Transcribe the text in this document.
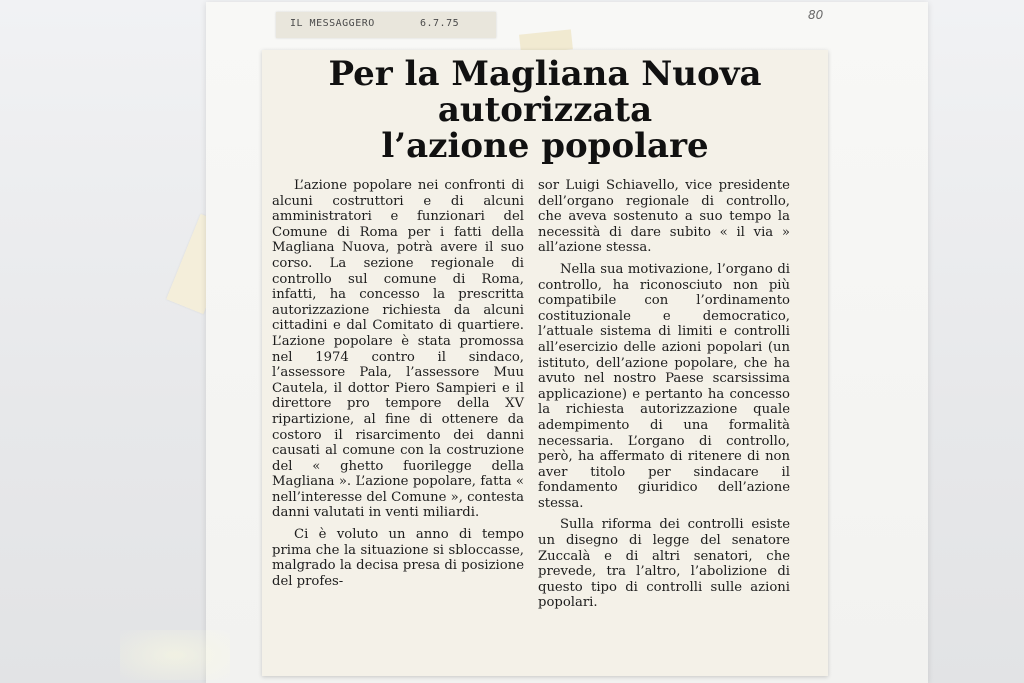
80
IL MESSAGGERO	6.7.75
Per la Magliana Nuova
autorizzata
l’azione popolare

L’azione popolare nei confronti di alcuni costruttori e di alcuni amministratori e funzionari del Comune di Roma per i fatti della Magliana Nuova, potrà avere il suo corso. La sezione regionale di controllo sul comune di Roma, infatti, ha concesso la prescritta autorizzazione richiesta da alcuni cittadini e dal Comitato di quartiere. L’azione popolare è stata promossa nel 1974 contro il sindaco, l’assessore Pala, l’assessore Muu Cautela, il dottor Piero Sampieri e il direttore pro tempore della XV ripartizione, al fine di ottenere da costoro il risarcimento dei danni causati al comune con la costruzione del « ghetto fuorilegge della Magliana ». L’azione popolare, fatta « nell’interesse del Comune », contesta danni valutati in venti miliardi.

Ci è voluto un anno di tempo prima che la situazione si sbloccasse, malgrado la decisa presa di posizione del profes-

sor Luigi Schiavello, vice presidente dell’organo regionale di controllo, che aveva sostenuto a suo tempo la necessità di dare subito « il via » all’azione stessa.

Nella sua motivazione, l’organo di controllo, ha riconosciuto non più compatibile con l’ordinamento costituzionale e democratico, l’attuale sistema di limiti e controlli all’esercizio delle azioni popolari (un istituto, dell’azione popolare, che ha avuto nel nostro Paese scarsissima applicazione) e pertanto ha concesso la richiesta autorizzazione quale adempimento di una formalità necessaria. L’organo di controllo, però, ha affermato di ritenere di non aver titolo per sindacare il fondamento giuridico dell’azione stessa.

Sulla riforma dei controlli esiste un disegno di legge del senatore Zuccalà e di altri senatori, che prevede, tra l’altro, l’abolizione di questo tipo di controlli sulle azioni popolari.
